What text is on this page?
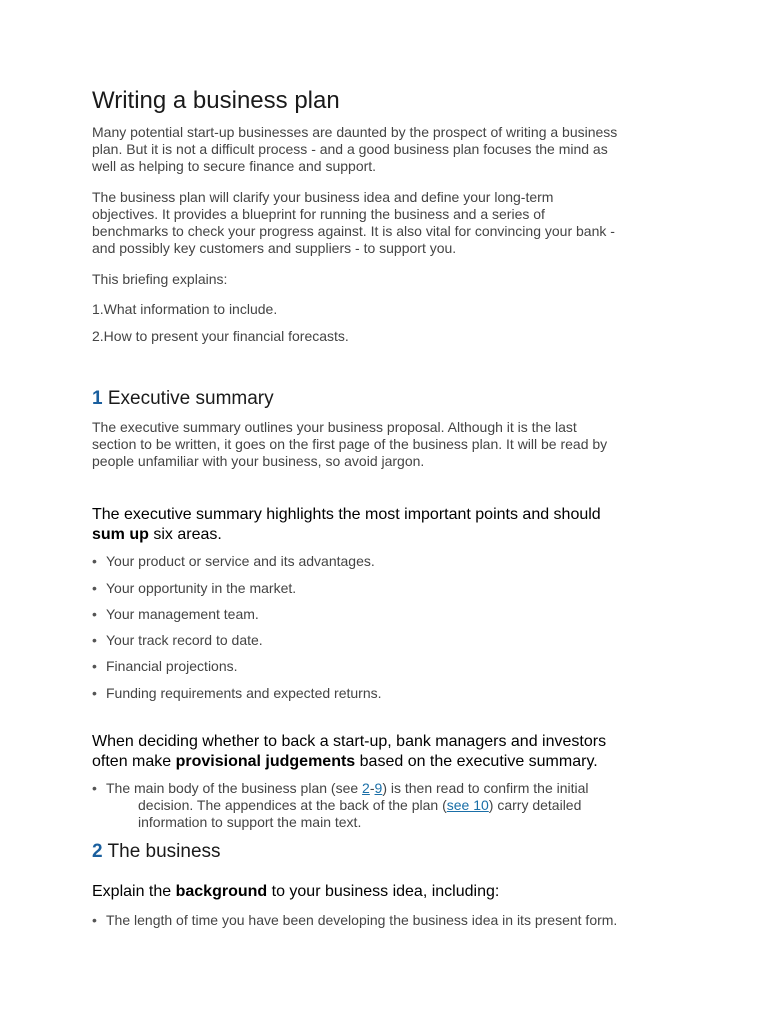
Writing a business plan

Many potential start-up businesses are daunted by the prospect of writing a business
plan. But it is not a difficult process - and a good business plan focuses the mind as
well as helping to secure finance and support.

The business plan will clarify your business idea and define your long-term
objectives. It provides a blueprint for running the business and a series of
benchmarks to check your progress against. It is also vital for convincing your bank -
and possibly key customers and suppliers - to support you.

This briefing explains:

1.What information to include.

2.How to present your financial forecasts.

1 Executive summary

The executive summary outlines your business proposal. Although it is the last
section to be written, it goes on the first page of the business plan. It will be read by
people unfamiliar with your business, so avoid jargon.

The executive summary highlights the most important points and should
sum up six areas.

• Your product or service and its advantages.

• Your opportunity in the market.

• Your management team.

• Your track record to date.

• Financial projections.

• Funding requirements and expected returns.

When deciding whether to back a start-up, bank managers and investors
often make provisional judgements based on the executive summary.

• The main body of the business plan (see 2-9) is then read to confirm the initial
decision. The appendices at the back of the plan (see 10) carry detailed
information to support the main text.

2 The business

Explain the background to your business idea, including:

• The length of time you have been developing the business idea in its present form.
